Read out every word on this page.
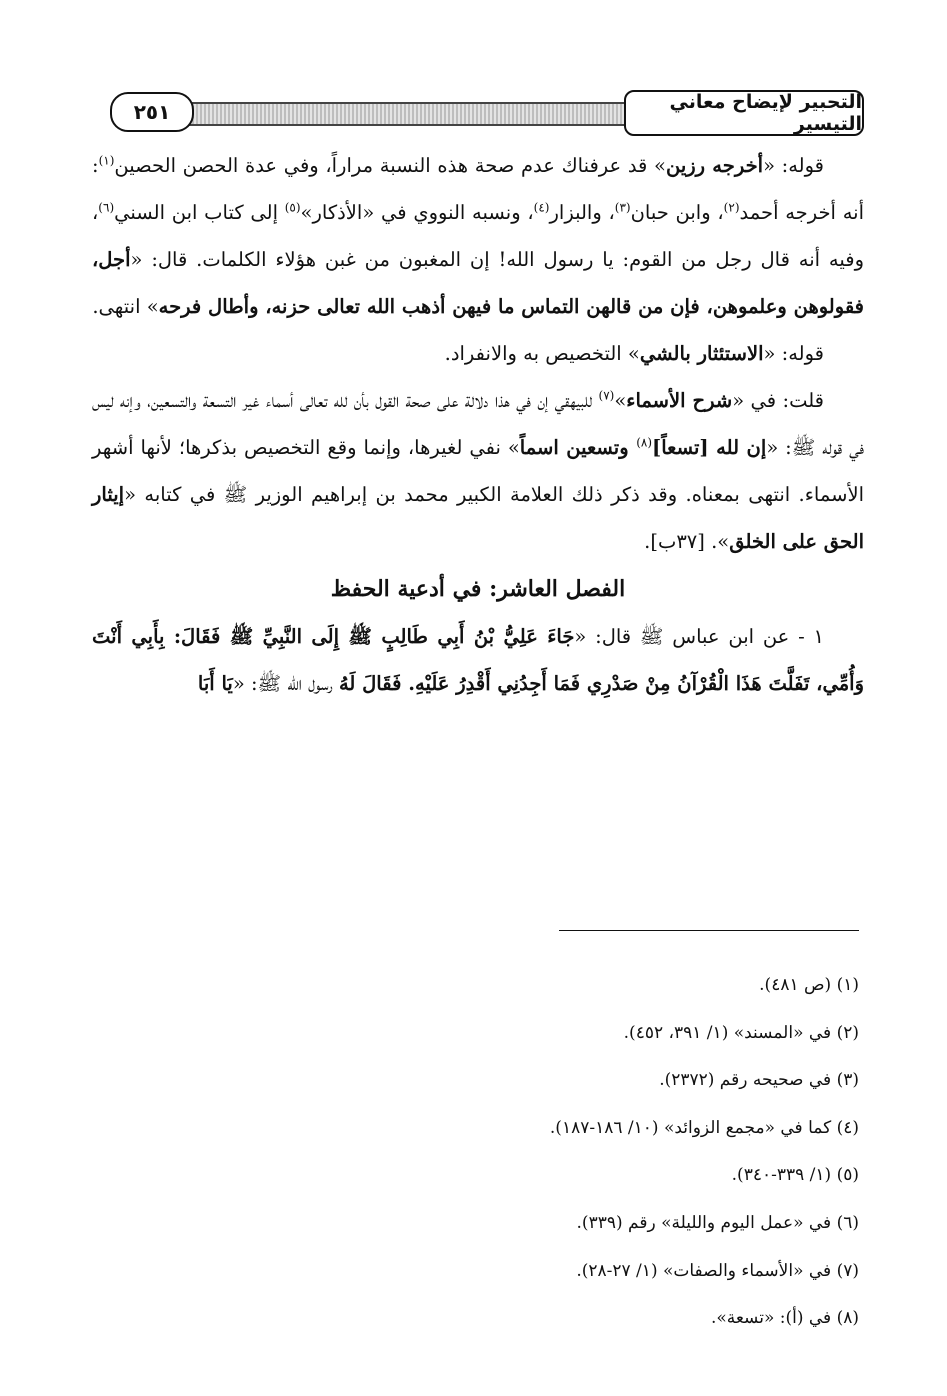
التحبير لإيضاح معاني التيسير
٢٥١

قوله: «أخرجه رزين» قد عرفناك عدم صحة هذه النسبة مراراً، وفي عدة الحصن الحصين$^{(١)}$: أنه أخرجه أحمد$^{(٢)}$، وابن حبان$^{(٣)}$، والبزار$^{(٤)}$، ونسبه النووي في «الأذكار»$^{(٥)}$ إلى كتاب ابن السني$^{(٦)}$، وفيه أنه قال رجل من القوم: يا رسول الله! إن المغبون من غبن هؤلاء الكلمات. قال: «أجل، فقولوهن وعلموهن، فإن من قالهن التماس ما فيهن أذهب الله تعالى حزنه، وأطال فرحه» انتهى.

قوله: «الاستئثار بالشي» التخصيص به والانفراد.

قلت: في «شرح الأسماء»$^{(٧)}$ للبيهقي إن في هذا دلالة على صحة القول بأن لله تعالى أسماء غير التسعة والتسعين، وإنه ليس في قوله ﷺ: «إن لله [تسعاً]$^{(٨)}$ وتسعين اسماً» نفي لغيرها، وإنما وقع التخصيص بذكرها؛ لأنها أشهر الأسماء. انتهى بمعناه. وقد ذكر ذلك العلامة الكبير محمد بن إبراهيم الوزير ﷺ في كتابه «إيثار الحق على الخلق». [٣٧ب].

الفصل العاشر: في أدعية الحفظ

١ - عن ابن عباس ﷺ قال: «جَاءَ عَلِيُّ بْنُ أَبِي طَالِبٍ ﷺ إِلَى النَّبِيِّ ﷺ فَقَالَ: بِأَبِي أَنْتَ وَأُمِّي، تَفَلَّتَ هَذَا الْقُرْآنُ مِنْ صَدْرِي فَمَا أَجِدُنِي أَقْدِرُ عَلَيْهِ. فَقَالَ لَهُ رسول الله ﷺ: «يَا أَبَا

(١) (ص ٤٨١).
(٢) في «المسند» (١/ ٣٩١، ٤٥٢).
(٣) في صحيحه رقم (٢٣٧٢).
(٤) كما في «مجمع الزوائد» (١٠/ ١٨٦-١٨٧).
(٥) (١/ ٣٣٩-٣٤٠).
(٦) في «عمل اليوم والليلة» رقم (٣٣٩).
(٧) في «الأسماء والصفات» (١/ ٢٧-٢٨).
(٨) في (أ): «تسعة».
